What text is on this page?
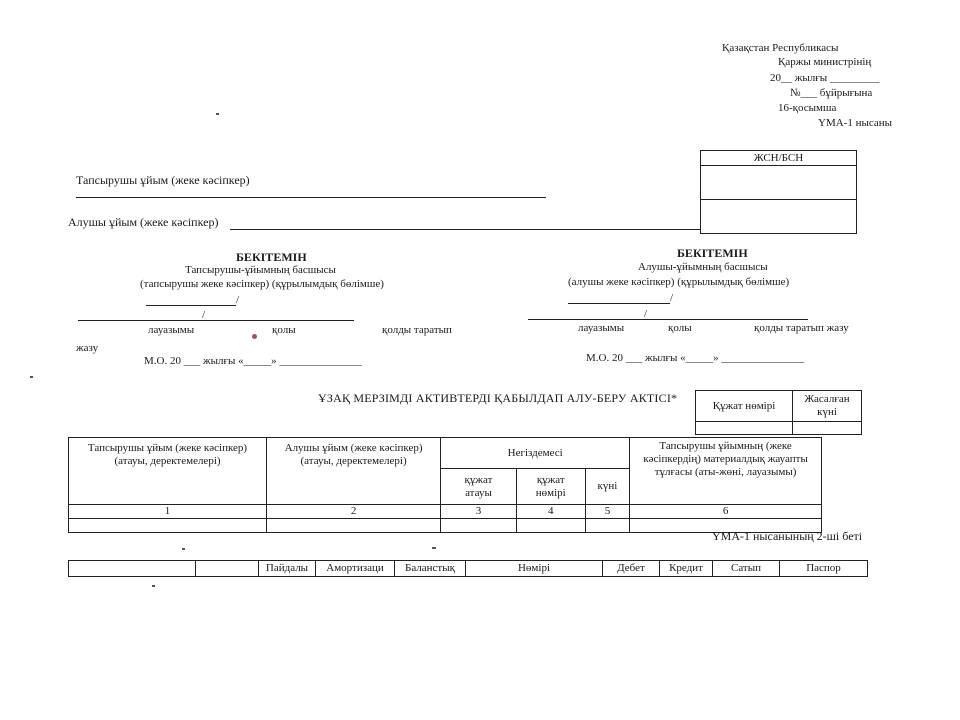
Қазақстан Республикасы
Қаржы министрінің
20__ жылғы _________
№___ бұйрығына
16-қосымша
ҮМА-1 нысаны
ЖСН/БСН

Тапсырушы ұйым (жеке кәсіпкер)
Алушы ұйым (жеке кәсіпкер)
БЕКІТЕМІН
Тапсырушы-ұйымның басшысы
(тапсырушы жеке кәсіпкер) (құрылымдық бөлімше)
/
/
лауазымы	қолы	қолды таратып
жазу
М.О. 20 ___ жылғы «_____» _______________
БЕКІТЕМІН
Алушы-ұйымның басшысы
(алушы жеке кәсіпкер) (құрылымдық бөлімше)
/
/
лауазымы	қолы	қолды таратып жазу
М.О. 20 ___ жылғы «_____» _______________
ҰЗАҚ МЕРЗІМДІ АКТИВТЕРДІ ҚАБЫЛДАП АЛУ-БЕРУ АКТІСІ*
Құжат нөмірі	Жасалған күні

Тапсырушы ұйым (жеке кәсіпкер) (атауы, деректемелері)	Алушы ұйым (жеке кәсіпкер) (атауы, деректемелері)	Негіздемесі			Тапсырушы ұйымның (жеке кәсіпкердің) материалдық жауапты тұлғасы (аты-жөні, лауазымы)
		құжат атауы	құжат нөмірі	күні	
1	2	3	4	5	6

ҮМА-1 нысанының 2-ші беті
		Пайдалы	Амортизаци	Баланстық	Нөмірі	Дебет	Кредит	Сатып	Паспор
